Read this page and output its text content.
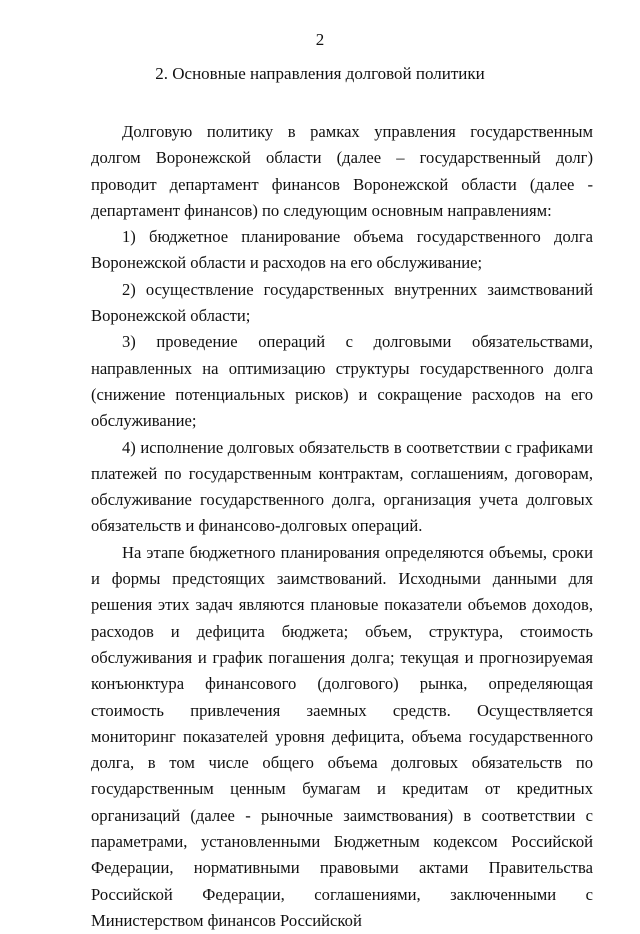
2
2. Основные направления долговой политики

Долговую политику в рамках управления государственным долгом Воронежской области (далее – государственный долг) проводит департамент финансов Воронежской области (далее - департамент финансов) по следующим основным направлениям:

1) бюджетное планирование объема государственного долга Воронежской области и расходов на его обслуживание;

2) осуществление государственных внутренних заимствований Воронежской области;

3) проведение операций с долговыми обязательствами, направленных на оптимизацию структуры государственного долга (снижение потенциальных рисков) и сокращение расходов на его обслуживание;

4) исполнение долговых обязательств в соответствии с графиками платежей по государственным контрактам, соглашениям, договорам, обслуживание государственного долга, организация учета долговых обязательств и финансово-долговых операций.

На этапе бюджетного планирования определяются объемы, сроки и формы предстоящих заимствований. Исходными данными для решения этих задач являются плановые показатели объемов доходов, расходов и дефицита бюджета; объем, структура, стоимость обслуживания и график погашения долга; текущая и прогнозируемая конъюнктура финансового (долгового) рынка, определяющая стоимость привлечения заемных средств. Осуществляется мониторинг показателей уровня дефицита, объема государственного долга, в том числе общего объема долговых обязательств по государственным ценным бумагам и кредитам от кредитных организаций (далее - рыночные заимствования) в соответствии с параметрами, установленными Бюджетным кодексом Российской Федерации, нормативными правовыми актами Правительства Российской Федерации, соглашениями, заключенными с Министерством финансов Российской
